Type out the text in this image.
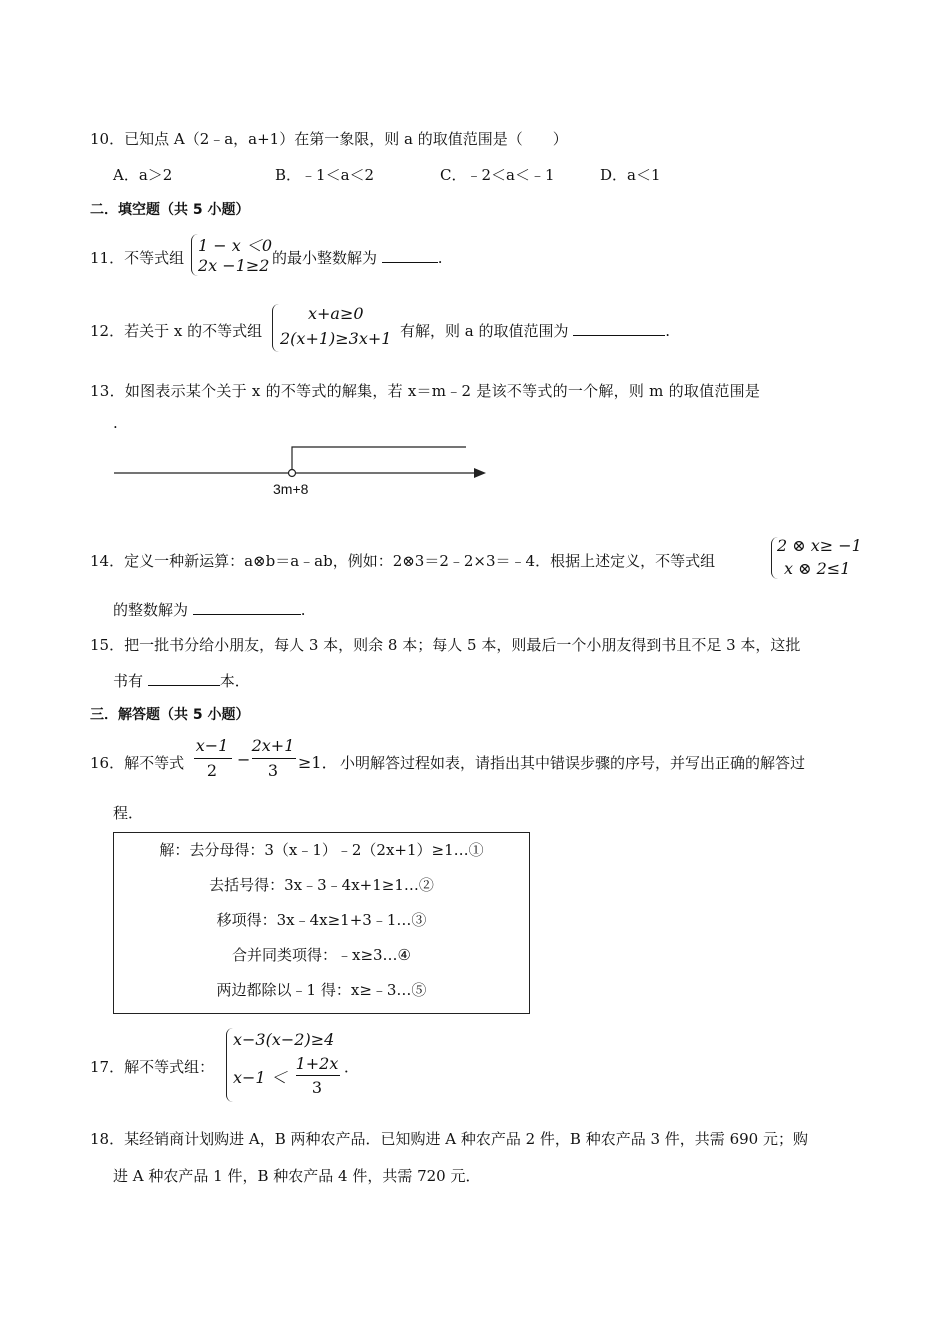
10．已知点 A（2﹣a，a+1）在第一象限，则 a 的取值范围是（　　）
A．a＞2	B．﹣1＜a＜2	C．﹣2＜a＜﹣1	D．a＜1
二．填空题（共 5 小题）
11．不等式组
1 − x ＜0
2x −1≥2 的最小整数解为	.
12．若关于 x 的不等式组
x+a≥0
2(x+1)≥3x+1 有解，则 a 的取值范围为	.
13．如图表示某个关于 x 的不等式的解集，若 x＝m﹣2 是该不等式的一个解，则 m 的取值范围是
.
3m+8
14．定义一种新运算：a⊗b＝a﹣ab，例如：2⊗3＝2﹣2×3＝﹣4．根据上述定义，不等式组
2 ⊗ x≥ −1
x ⊗ 2≤1
的整数解为	.
15．把一批书分给小朋友，每人 3 本，则余 8 本；每人 5 本，则最后一个小朋友得到书且不足 3 本，这批
书有	本．
三．解答题（共 5 小题）
16．解不等式
x−1
2
−
2x+1
3	≥1． 小明解答过程如表，请指出其中错误步骤的序号，并写出正确的解答过
程．
解：去分母得：3（x﹣1）﹣2（2x+1）≥1…①
去括号得：3x﹣3﹣4x+1≥1…②
移项得：3x﹣4x≥1+3﹣1…③
合并同类项得：﹣x≥3…④
两边都除以﹣1 得：x≥﹣3…⑤
17．解不等式组：
x−3(x−2)≥4
x−1 ＜
1+2x
3
．
18．某经销商计划购进 A，B 两种农产品．已知购进 A 种农产品 2 件，B 种农产品 3 件，共需 690 元；购
进 A 种农产品 1 件，B 种农产品 4 件，共需 720 元．
